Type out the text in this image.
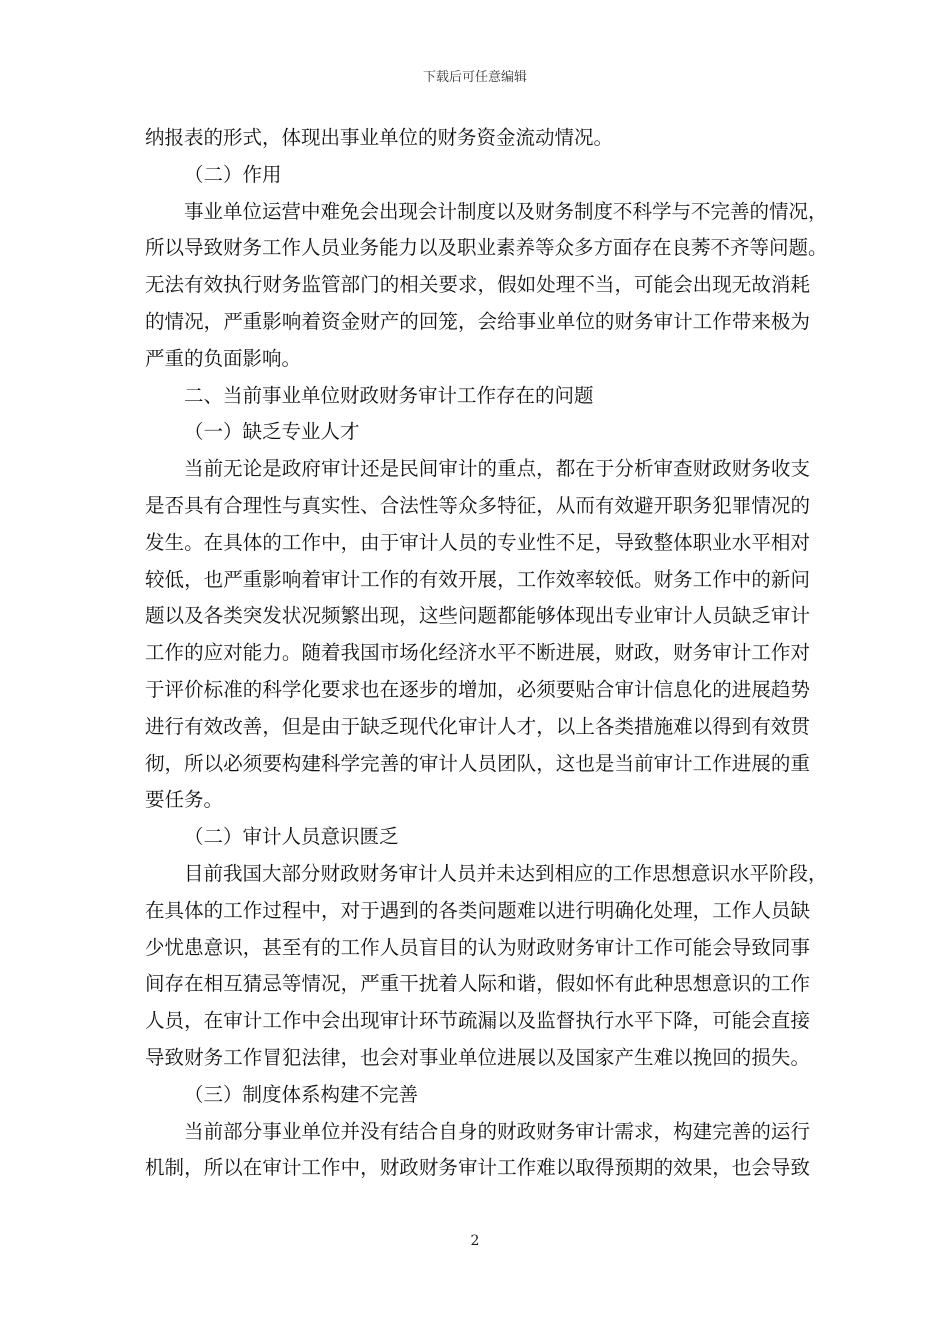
下载后可任意编辑
纳报表的形式，体现出事业单位的财务资金流动情况。
（二）作用
事业单位运营中难免会出现会计制度以及财务制度不科学与不完善的情况，
所以导致财务工作人员业务能力以及职业素养等众多方面存在良莠不齐等问题。
无法有效执行财务监管部门的相关要求，假如处理不当，可能会出现无故消耗
的情况，严重影响着资金财产的回笼，会给事业单位的财务审计工作带来极为
严重的负面影响。
二、当前事业单位财政财务审计工作存在的问题
（一）缺乏专业人才
当前无论是政府审计还是民间审计的重点，都在于分析审查财政财务收支
是否具有合理性与真实性、合法性等众多特征，从而有效避开职务犯罪情况的
发生。在具体的工作中，由于审计人员的专业性不足，导致整体职业水平相对
较低，也严重影响着审计工作的有效开展，工作效率较低。财务工作中的新问
题以及各类突发状况频繁出现，这些问题都能够体现出专业审计人员缺乏审计
工作的应对能力。随着我国市场化经济水平不断进展，财政，财务审计工作对
于评价标准的科学化要求也在逐步的增加，必须要贴合审计信息化的进展趋势
进行有效改善，但是由于缺乏现代化审计人才，以上各类措施难以得到有效贯
彻，所以必须要构建科学完善的审计人员团队，这也是当前审计工作进展的重
要任务。
（二）审计人员意识匮乏
目前我国大部分财政财务审计人员并未达到相应的工作思想意识水平阶段，
在具体的工作过程中，对于遇到的各类问题难以进行明确化处理，工作人员缺
少忧患意识，甚至有的工作人员盲目的认为财政财务审计工作可能会导致同事
间存在相互猜忌等情况，严重干扰着人际和谐，假如怀有此种思想意识的工作
人员，在审计工作中会出现审计环节疏漏以及监督执行水平下降，可能会直接
导致财务工作冒犯法律，也会对事业单位进展以及国家产生难以挽回的损失。
（三）制度体系构建不完善
当前部分事业单位并没有结合自身的财政财务审计需求，构建完善的运行
机制，所以在审计工作中，财政财务审计工作难以取得预期的效果，也会导致
2
